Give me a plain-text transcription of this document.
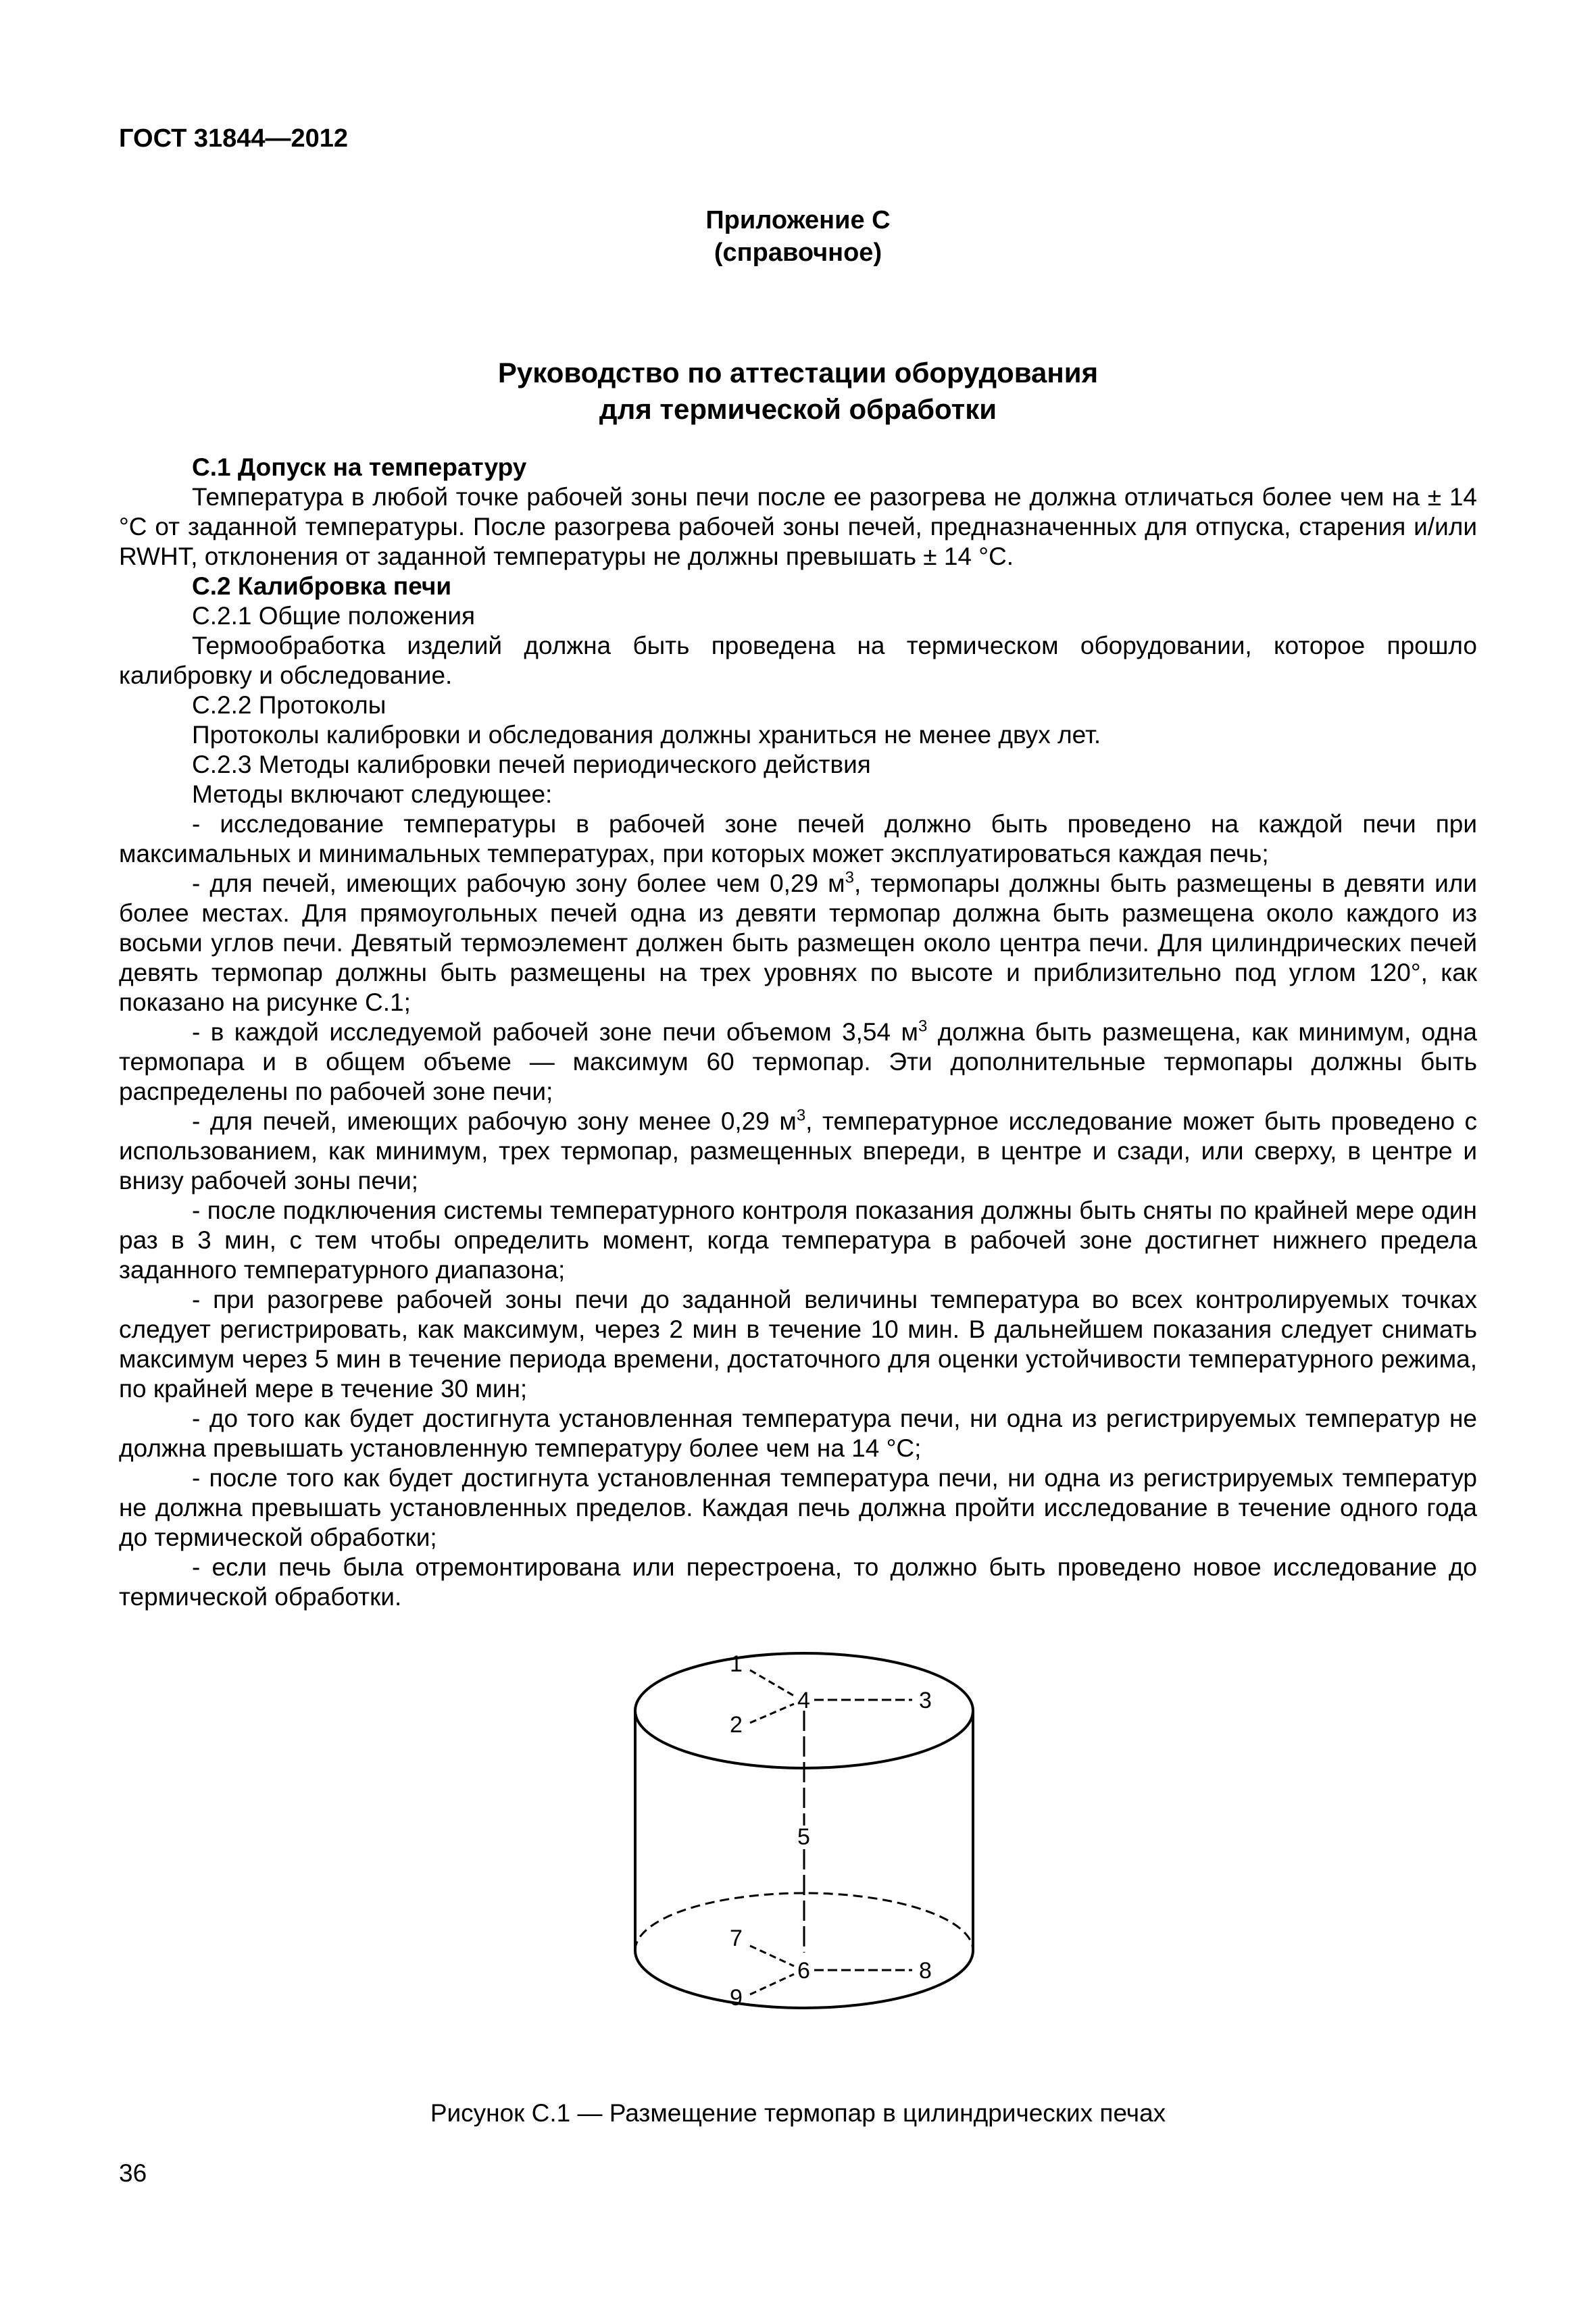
ГОСТ 31844—2012
Приложение С
(справочное)
Руководство по аттестации оборудования
для термической обработки

С.1 Допуск на температуру

Температура в любой точке рабочей зоны печи после ее разогрева не должна отличаться более чем на ± 14 °С от заданной температуры. После разогрева рабочей зоны печей, предназначенных для отпуска, старения и/или RWHT, отклонения от заданной температуры не должны превышать ± 14 °С.

С.2 Калибровка печи

С.2.1 Общие положения

Термообработка изделий должна быть проведена на термическом оборудовании, которое прошло калибровку и обследование.

С.2.2 Протоколы

Протоколы калибровки и обследования должны храниться не менее двух лет.

С.2.3 Методы калибровки печей периодического действия

Методы включают следующее:

- исследование температуры в рабочей зоне печей должно быть проведено на каждой печи при максимальных и минимальных температурах, при которых может эксплуатироваться каждая печь;

- для печей, имеющих рабочую зону более чем 0,29 $м^3$, термопары должны быть размещены в девяти или более местах. Для прямоугольных печей одна из девяти термопар должна быть размещена около каждого из восьми углов печи. Девятый термоэлемент должен быть размещен около центра печи. Для цилиндрических печей девять термопар должны быть размещены на трех уровнях по высоте и приблизительно под углом 120°, как показано на рисунке С.1;

- в каждой исследуемой рабочей зоне печи объемом 3,54 $м^3$ должна быть размещена, как минимум, одна термопара и в общем объеме — максимум 60 термопар. Эти дополнительные термопары должны быть распределены по рабочей зоне печи;

- для печей, имеющих рабочую зону менее 0,29 $м^3$, температурное исследование может быть проведено с использованием, как минимум, трех термопар, размещенных впереди, в центре и сзади, или сверху, в центре и внизу рабочей зоны печи;

- после подключения системы температурного контроля показания должны быть сняты по крайней мере один раз в 3 мин, с тем чтобы определить момент, когда температура в рабочей зоне достигнет нижнего предела заданного температурного диапазона;

- при разогреве рабочей зоны печи до заданной величины температура во всех контролируемых точках следует регистрировать, как максимум, через 2 мин в течение 10 мин. В дальнейшем показания следует снимать максимум через 5 мин в течение периода времени, достаточного для оценки устойчивости температурного режима, по крайней мере в течение 30 мин;

- до того как будет достигнута установленная температура печи, ни одна из регистрируемых температур не должна превышать установленную температуру более чем на 14 °С;

- после того как будет достигнута установленная температура печи, ни одна из регистрируемых температур не должна превышать установленных пределов. Каждая печь должна пройти исследование в течение одного года до термической обработки;

- если печь была отремонтирована или перестроена, то должно быть проведено новое исследование до термической обработки.

1
2
3
4
5
6
7
8
9
Рисунок С.1 — Размещение термопар в цилиндрических печах
36
